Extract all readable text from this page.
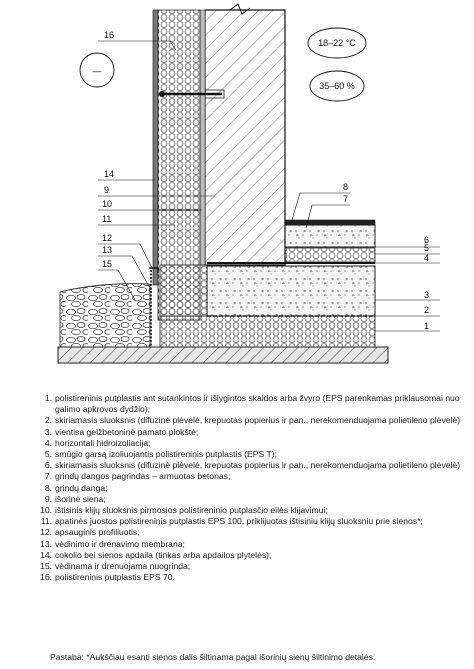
—
18–22 °C
35–60 %
16
14
9
10
11
12
13
15
8
7
6
5
4
3
2
1
1. polistireninis putplastis ant sutankintos ir išlygintos skaldos arba žvyro (EPS parenkamas priklausomai nuo galimo apkrovos dydžio);
2. skiriamasis sluoksnis (difuzinė plėvelė, krepuotas popierius ir pan., nerekomenduojama polietileno plėvelė)
3. vientisa gelžbetoninė pamato plokštė;
4. horizontali hidroizoliacija;
5. smūgio garsą izoliuojantis polistireninis putplastis (EPS T);
6. skiriamasis sluoksnis (difuzinė plėvelė, krepuotas popierius ir pan., nerekomenduojama polietileno plėvelė)
7. grindų dangos pagrindas – armuotas betonas;
8. grindų danga;
9. išorinė siena;
10. ištisinis klijų sluoksnis pirmosios polistireninio putplasčio eilės klijavimui;
11. apatinės juostos polistireninis putplastis EPS 100, priklijuotas ištisiniu klijų sluoksniu prie sienos*;
12. apsauginis profiliuotis;
13. vėdinimo ir drenavimo membrana;
14. cokolio bei sienos apdaila (tinkas arba apdailos plytelės);
15. vėdinama ir drenuojama nuogrinda;
16. polistireninis putplastis EPS 70.

Pastaba: *Aukščiau esanti sienos dalis šiltinama pagal išorinių sienų šiltinimo detalės.
